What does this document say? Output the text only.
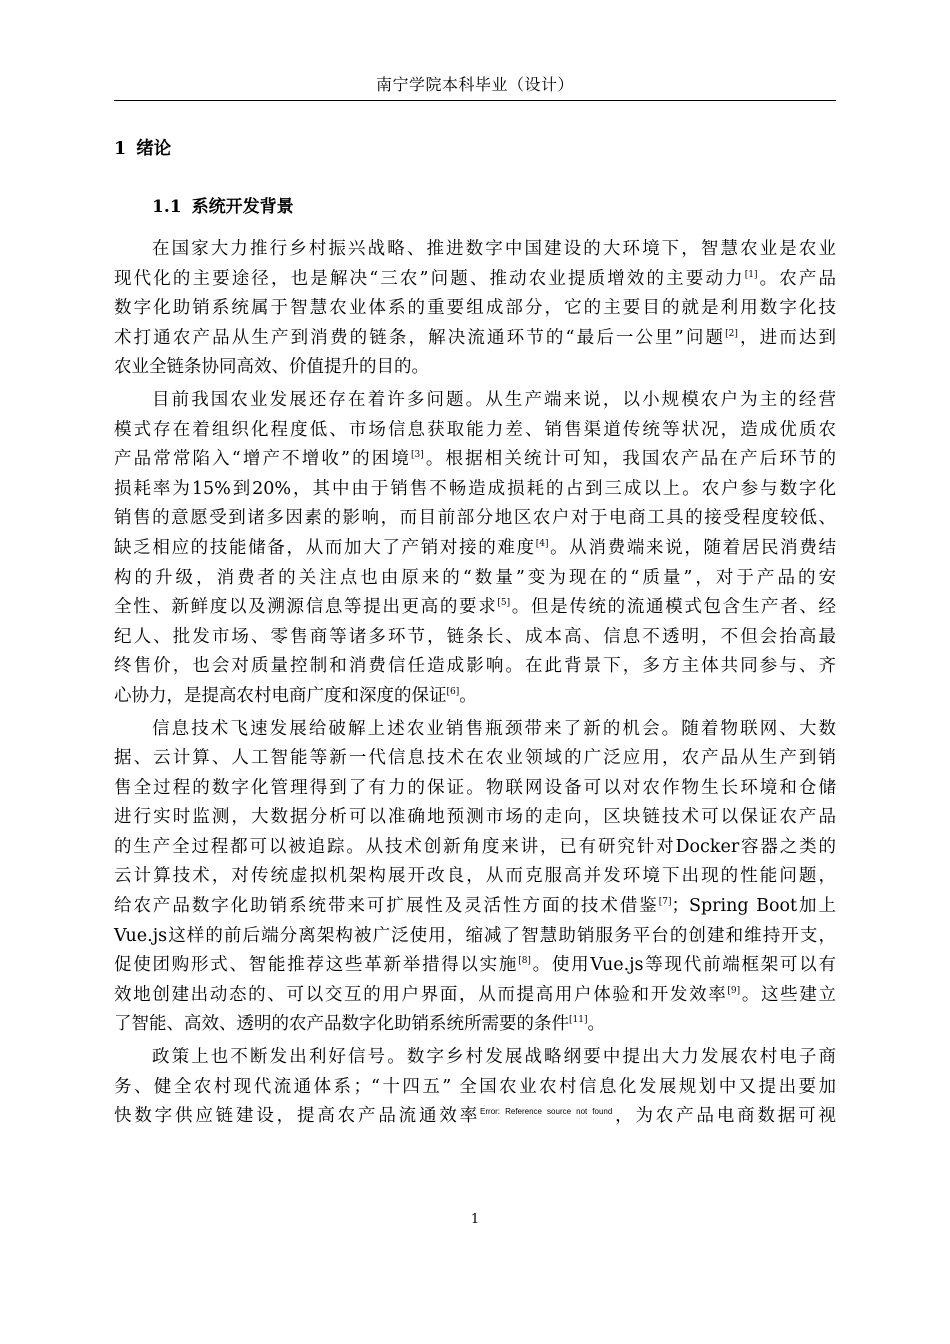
南宁学院本科毕业（设计）
1 绪论
1.1 系统开发背景

在国家大力推行乡村振兴战略、推进数字中国建设的大环境下，智慧农业是农业
现代化的主要途径，也是解决“三农”问题、推动农业提质增效的主要动力[1]。农产品
数字化助销系统属于智慧农业体系的重要组成部分，它的主要目的就是利用数字化技
术打通农产品从生产到消费的链条，解决流通环节的“最后一公里”问题[2]，进而达到
农业全链条协同高效、价值提升的目的。

目前我国农业发展还存在着许多问题。从生产端来说，以小规模农户为主的经营
模式存在着组织化程度低、市场信息获取能力差、销售渠道传统等状况，造成优质农
产品常常陷入“增产不增收”的困境[3]。根据相关统计可知，我国农产品在产后环节的
损耗率为15%到20%，其中由于销售不畅造成损耗的占到三成以上。农户参与数字化
销售的意愿受到诸多因素的影响，而目前部分地区农户对于电商工具的接受程度较低、
缺乏相应的技能储备，从而加大了产销对接的难度[4]。从消费端来说，随着居民消费结
构的升级，消费者的关注点也由原来的“数量”变为现在的“质量”，对于产品的安
全性、新鲜度以及溯源信息等提出更高的要求[5]。但是传统的流通模式包含生产者、经
纪人、批发市场、零售商等诸多环节，链条长、成本高、信息不透明，不但会抬高最
终售价，也会对质量控制和消费信任造成影响。在此背景下，多方主体共同参与、齐
心协力，是提高农村电商广度和深度的保证[6]。

信息技术飞速发展给破解上述农业销售瓶颈带来了新的机会。随着物联网、大数
据、云计算、人工智能等新一代信息技术在农业领域的广泛应用，农产品从生产到销
售全过程的数字化管理得到了有力的保证。物联网设备可以对农作物生长环境和仓储
进行实时监测，大数据分析可以准确地预测市场的走向，区块链技术可以保证农产品
的生产全过程都可以被追踪。从技术创新角度来讲，已有研究针对Docker容器之类的
云计算技术，对传统虚拟机架构展开改良，从而克服高并发环境下出现的性能问题，
给农产品数字化助销系统带来可扩展性及灵活性方面的技术借鉴[7]；Spring Boot加上
Vue.js这样的前后端分离架构被广泛使用，缩减了智慧助销服务平台的创建和维持开支，
促使团购形式、智能推荐这些革新举措得以实施[8]。使用Vue.js等现代前端框架可以有
效地创建出动态的、可以交互的用户界面，从而提高用户体验和开发效率[9]。这些建立
了智能、高效、透明的农产品数字化助销系统所需要的条件[11]。

政策上也不断发出利好信号。数字乡村发展战略纲要中提出大力发展农村电子商
务、健全农村现代流通体系；“十四五” 全国农业农村信息化发展规划中又提出要加
快数字供应链建设，提高农产品流通效率$^{Error: Reference source not found}$，为农产品电商数据可视

1
